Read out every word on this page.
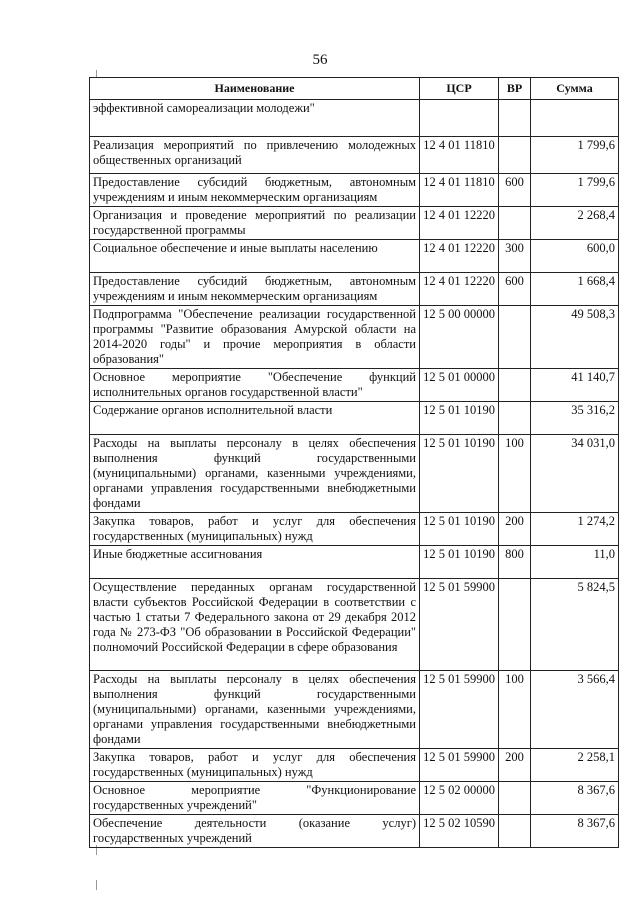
56
Наименование	ЦСР	ВР	Сумма
эффективной самореализации молодежи"			
Реализация мероприятий по привлечению молодежных общественных организаций	12 4 01 11810		1 799,6
Предоставление субсидий бюджетным, автономным учреждениям и иным некоммерческим организациям	12 4 01 11810	600	1 799,6
Организация и проведение мероприятий по реализации государственной программы	12 4 01 12220		2 268,4
Социальное обеспечение и иные выплаты населению	12 4 01 12220	300	600,0
Предоставление субсидий бюджетным, автономным учреждениям и иным некоммерческим организациям	12 4 01 12220	600	1 668,4
Подпрограмма "Обеспечение реализации государственной программы "Развитие образования Амурской области на 2014-2020 годы" и прочие мероприятия в области образования"	12 5 00 00000		49 508,3
Основное мероприятие "Обеспечение функций исполнительных органов государственной власти"	12 5 01 00000		41 140,7
Содержание органов исполнительной власти	12 5 01 10190		35 316,2
Расходы на выплаты персоналу в целях обеспечения выполнения функций государственными (муниципальными) органами, казенными учреждениями, органами управления государственными внебюджетными фондами	12 5 01 10190	100	34 031,0
Закупка товаров, работ и услуг для обеспечения государственных (муниципальных) нужд	12 5 01 10190	200	1 274,2
Иные бюджетные ассигнования	12 5 01 10190	800	11,0
Осуществление переданных органам государственной власти субъектов Российской Федерации в соответствии с частью 1 статьи 7 Федерального закона от 29 декабря 2012 года № 273-ФЗ "Об образовании в Российской Федерации" полномочий Российской Федерации в сфере образования	12 5 01 59900		5 824,5
Расходы на выплаты персоналу в целях обеспечения выполнения функций государственными (муниципальными) органами, казенными учреждениями, органами управления государственными внебюджетными фондами	12 5 01 59900	100	3 566,4
Закупка товаров, работ и услуг для обеспечения государственных (муниципальных) нужд	12 5 01 59900	200	2 258,1
Основное мероприятие "Функционирование государственных учреждений"	12 5 02 00000		8 367,6
Обеспечение деятельности (оказание услуг) государственных учреждений	12 5 02 10590		8 367,6
